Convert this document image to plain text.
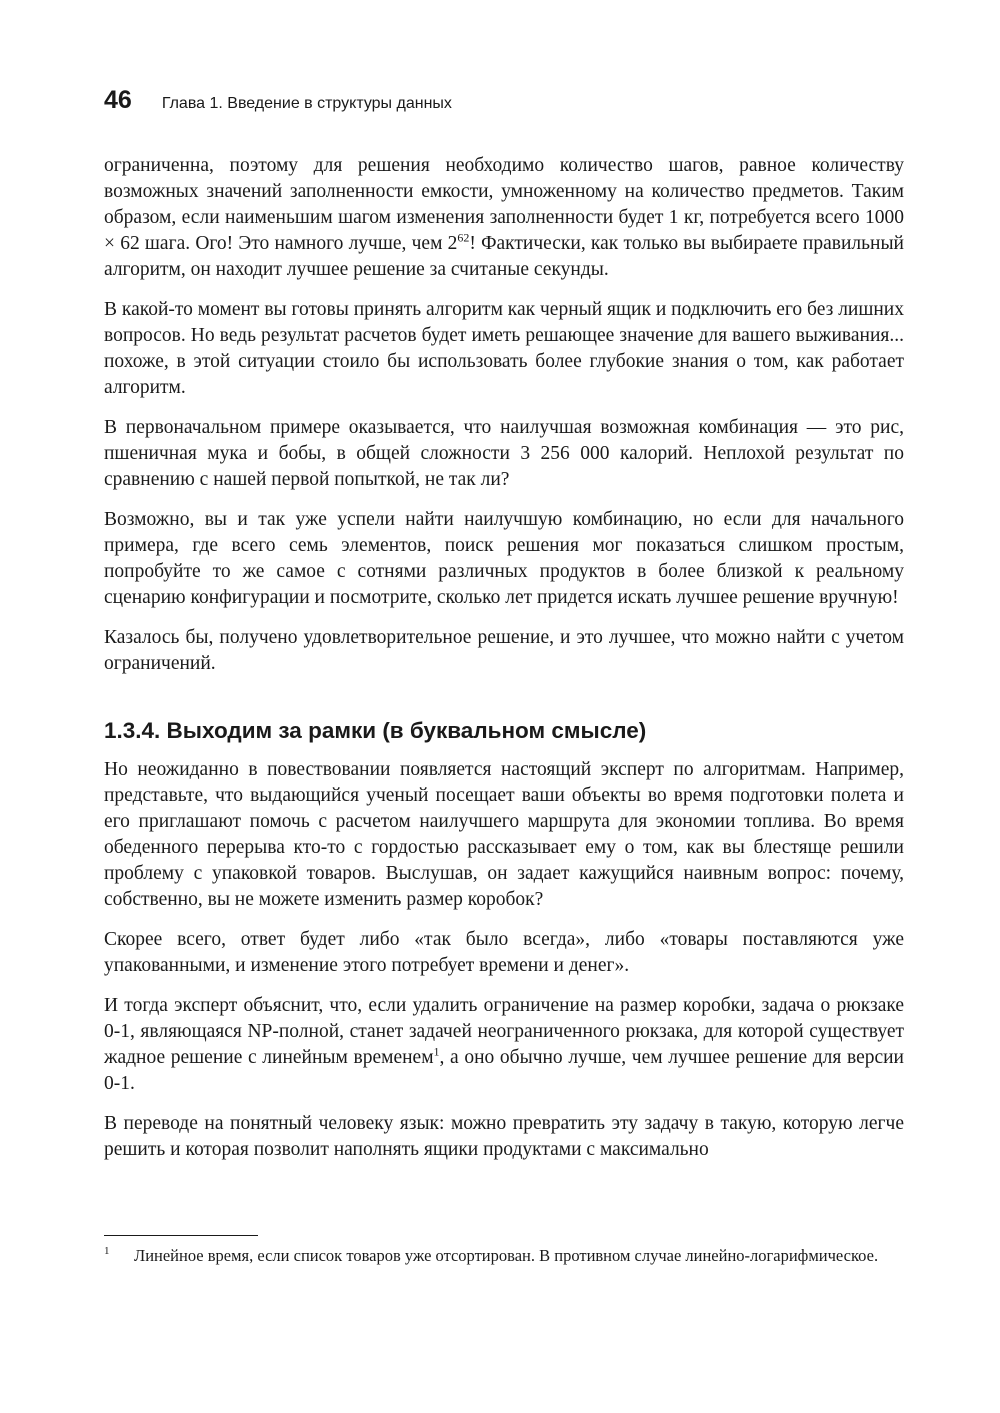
46 Глава 1. Введение в структуры данных

ограниченна, поэтому для решения необходимо количество шагов, равное количеству возможных значений заполненности емкости, умноженному на количество предметов. Таким образом, если наименьшим шагом изменения заполненности будет 1 кг, потребуется всего 1000 × 62 шага. Ого! Это намного лучше, чем $2^{62}$! Фактически, как только вы выбираете правильный алгоритм, он находит лучшее решение за считаные секунды.

В какой-то момент вы готовы принять алгоритм как черный ящик и подключить его без лишних вопросов. Но ведь результат расчетов будет иметь решающее значение для вашего выживания... похоже, в этой ситуации стоило бы использовать более глубокие знания о том, как работает алгоритм.

В первоначальном примере оказывается, что наилучшая возможная комбинация — это рис, пшеничная мука и бобы, в общей сложности 3 256 000 калорий. Неплохой результат по сравнению с нашей первой попыткой, не так ли?

Возможно, вы и так уже успели найти наилучшую комбинацию, но если для начального примера, где всего семь элементов, поиск решения мог показаться слишком простым, попробуйте то же самое с сотнями различных продуктов в более близкой к реальному сценарию конфигурации и посмотрите, сколько лет придется искать лучшее решение вручную!

Казалось бы, получено удовлетворительное решение, и это лучшее, что можно найти с учетом ограничений.

1.3.4. Выходим за рамки (в буквальном смысле)

Но неожиданно в повествовании появляется настоящий эксперт по алгоритмам. Например, представьте, что выдающийся ученый посещает ваши объекты во время подготовки полета и его приглашают помочь с расчетом наилучшего маршрута для экономии топлива. Во время обеденного перерыва кто-то с гордостью рассказывает ему о том, как вы блестяще решили проблему с упаковкой товаров. Выслушав, он задает кажущийся наивным вопрос: почему, собственно, вы не можете изменить размер коробок?

Скорее всего, ответ будет либо «так было всегда», либо «товары поставляются уже упакованными, и изменение этого потребует времени и денег».

И тогда эксперт объяснит, что, если удалить ограничение на размер коробки, задача о рюкзаке 0-1, являющаяся NP-полной, станет задачей неограниченного рюкзака, для которой существует жадное решение с линейным временем$^1$, а оно обычно лучше, чем лучшее решение для версии 0-1.

В переводе на понятный человеку язык: можно превратить эту задачу в такую, которую легче решить и которая позволит наполнять ящики продуктами с максимально

1	Линейное время, если список товаров уже отсортирован. В противном случае линейно-логарифмическое.
